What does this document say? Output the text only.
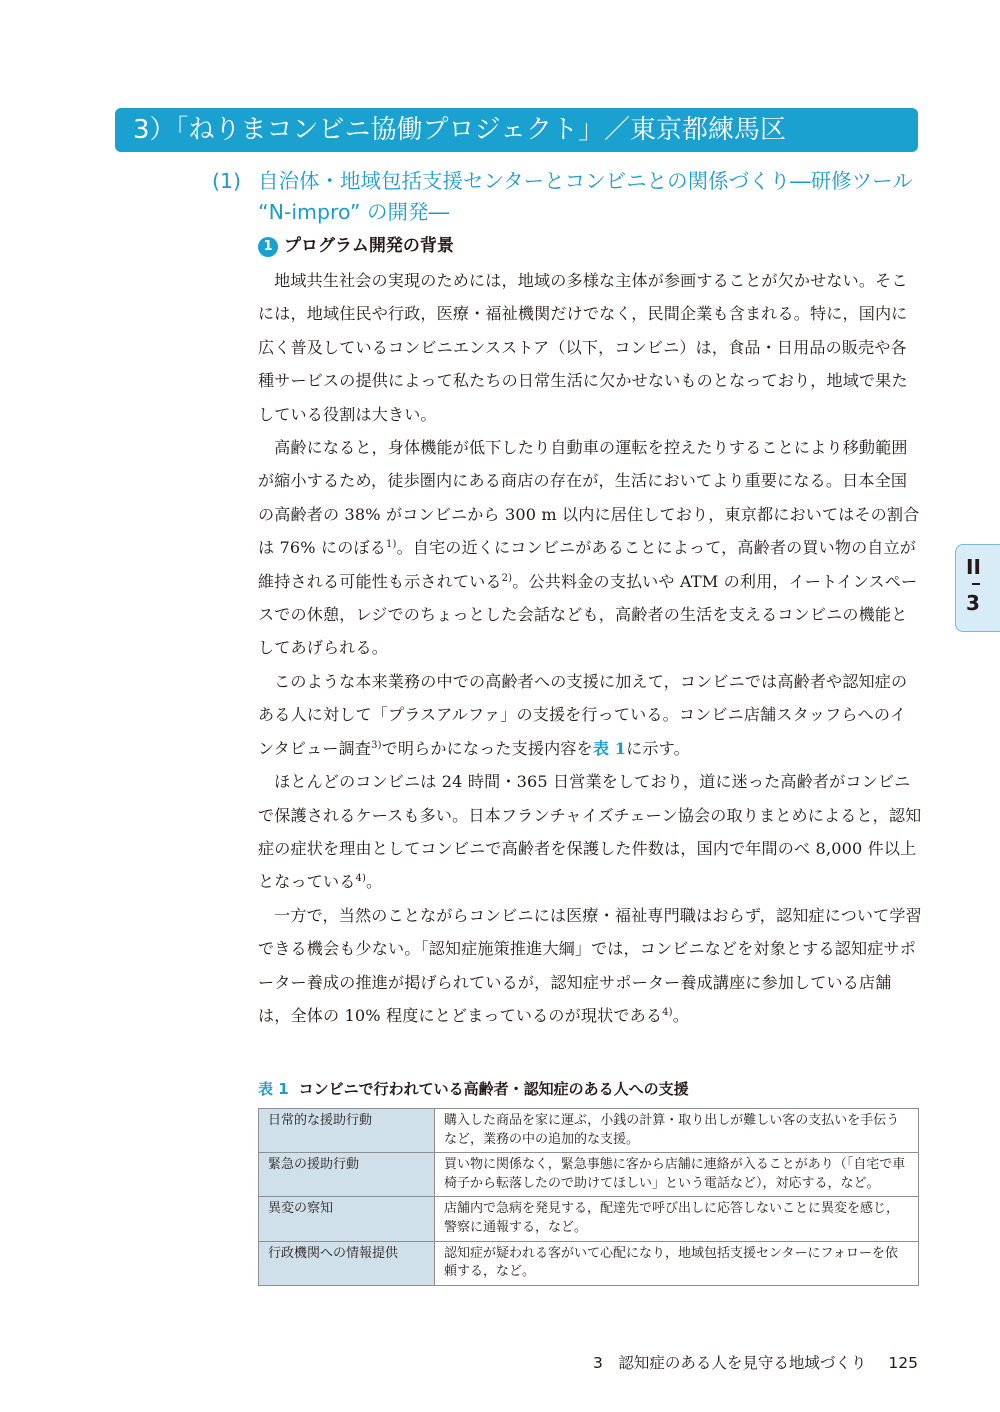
3）「ねりまコンビニ協働プロジェクト」／東京都練馬区
(1) 自治体・地域包括支援センターとコンビニとの関係づくり―研修ツール
“N-impro” の開発―
1 プログラム開発の背景

地域共生社会の実現のためには，地域の多様な主体が参画することが欠かせない。そこには，地域住民や行政，医療・福祉機関だけでなく，民間企業も含まれる。特に，国内に広く普及しているコンビニエンスストア（以下，コンビニ）は，食品・日用品の販売や各種サービスの提供によって私たちの日常生活に欠かせないものとなっており，地域で果たしている役割は大きい。

高齢になると，身体機能が低下したり自動車の運転を控えたりすることにより移動範囲が縮小するため，徒歩圏内にある商店の存在が，生活においてより重要になる。日本全国の高齢者の 38% がコンビニから 300 m 以内に居住しており，東京都においてはその割合は 76% にのぼる$^{1)}$。自宅の近くにコンビニがあることによって，高齢者の買い物の自立が維持される可能性も示されている$^{2)}$。公共料金の支払いや ATM の利用，イートインスペースでの休憩，レジでのちょっとした会話なども，高齢者の生活を支えるコンビニの機能としてあげられる。

このような本来業務の中での高齢者への支援に加えて，コンビニでは高齢者や認知症のある人に対して「プラスアルファ」の支援を行っている。コンビニ店舗スタッフらへのインタビュー調査$^{3)}$で明らかになった支援内容を表 1に示す。

ほとんどのコンビニは 24 時間・365 日営業をしており，道に迷った高齢者がコンビニで保護されるケースも多い。日本フランチャイズチェーン協会の取りまとめによると，認知症の症状を理由としてコンビニで高齢者を保護した件数は，国内で年間のべ 8,000 件以上となっている$^{4)}$。

一方で，当然のことながらコンビニには医療・福祉専門職はおらず，認知症について学習できる機会も少ない。「認知症施策推進大綱」では，コンビニなどを対象とする認知症サポーター養成の推進が掲げられているが，認知症サポーター養成講座に参加している店舗は，全体の 10% 程度にとどまっているのが現状である$^{4)}$。

II
3
表 1 コンビニで行われている高齢者・認知症のある人への支援
日常的な援助行動	購入した商品を家に運ぶ，小銭の計算・取り出しが難しい客の支払いを手伝うなど，業務の中の追加的な支援。
緊急の援助行動	買い物に関係なく，緊急事態に客から店舗に連絡が入ることがあり（「自宅で車椅子から転落したので助けてほしい」という電話など），対応する，など。
異変の察知	店舗内で急病を発見する，配達先で呼び出しに応答しないことに異変を感じ，警察に通報する，など。
行政機関への情報提供	認知症が疑われる客がいて心配になり，地域包括支援センターにフォローを依頼する，など。
3　認知症のある人を見守る地域づくり 125
